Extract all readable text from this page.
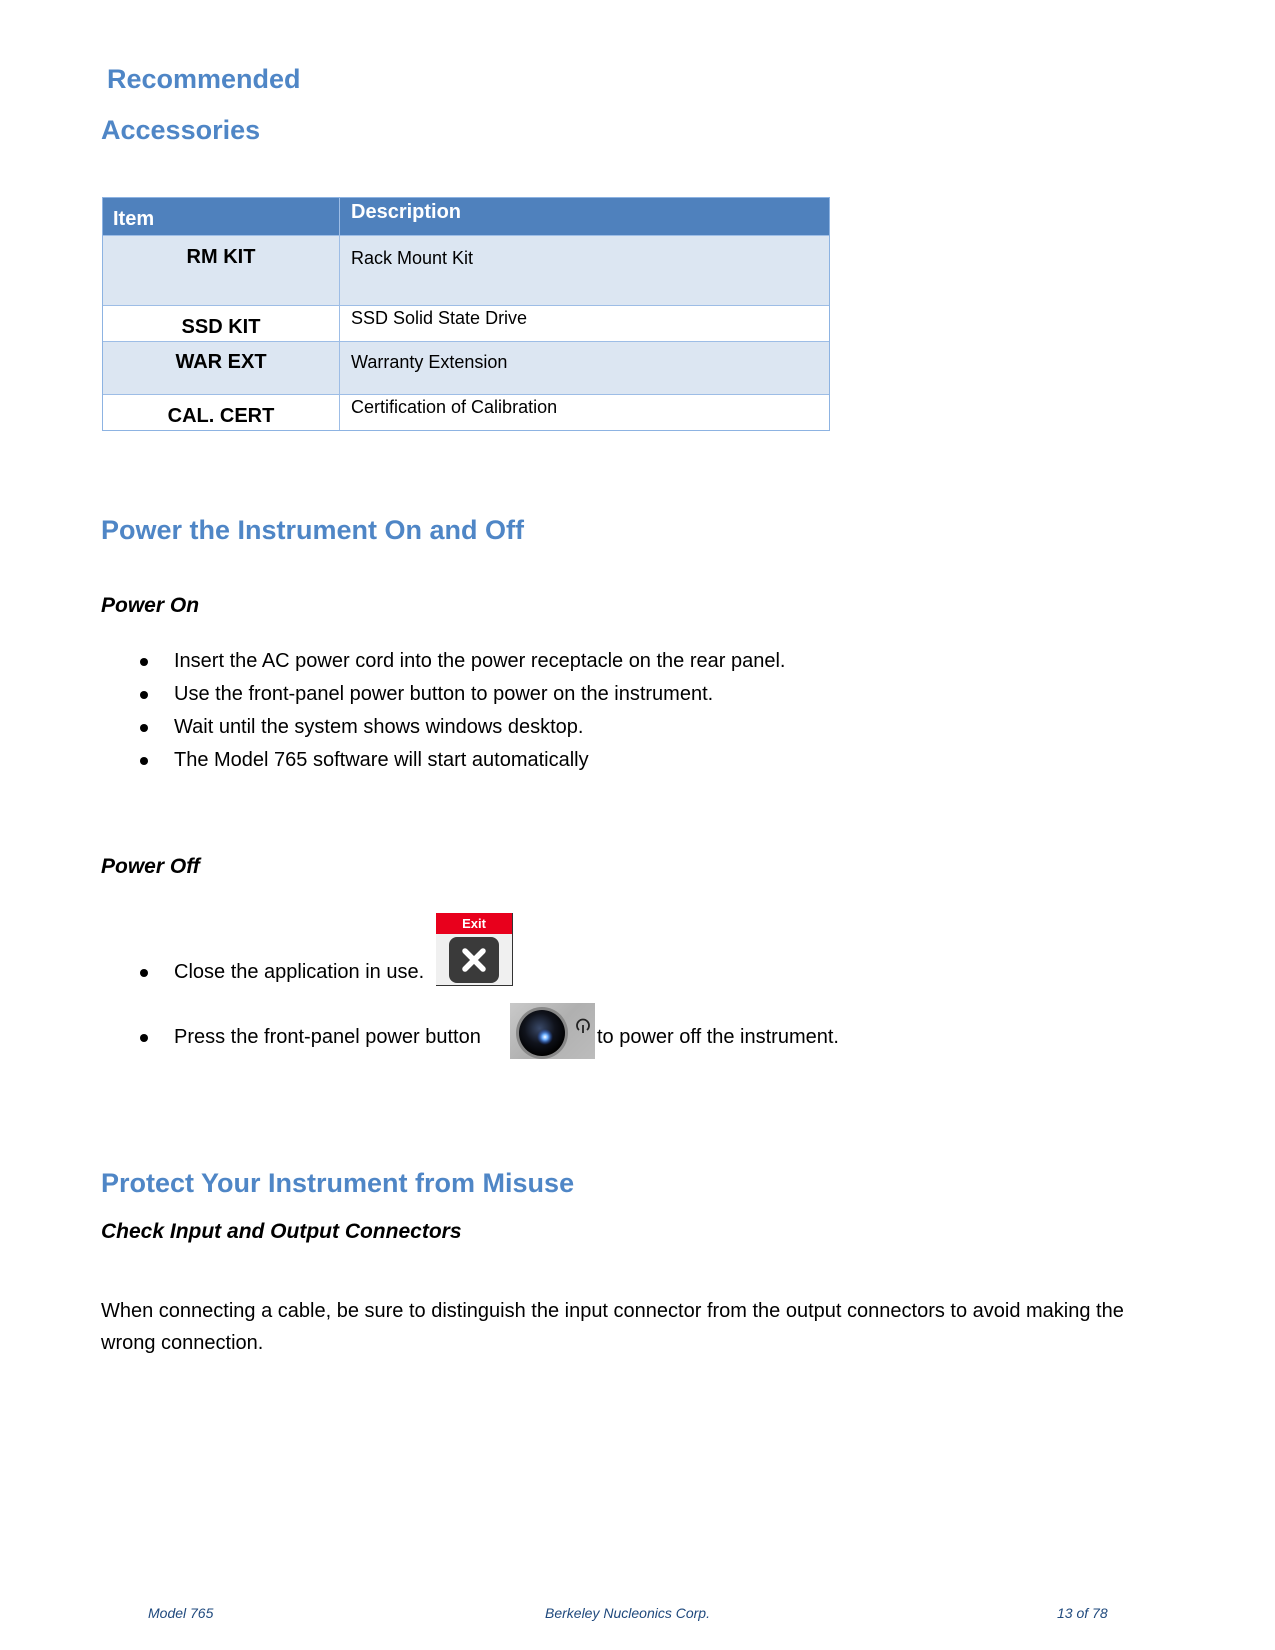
Recommended
Accessories
Item	Description
RM KIT	Rack Mount Kit
SSD KIT	SSD Solid State Drive
WAR EXT	Warranty Extension
CAL. CERT	Certification of Calibration
Power the Instrument On and Off
Power On
Insert the AC power cord into the power receptacle on the rear panel.
Use the front-panel power button to power on the instrument.
Wait until the system shows windows desktop.
The Model 765 software will start automatically
Power Off
Close the application in use.
Exit
Press the front-panel power button	to power off the instrument.
Protect Your Instrument from Misuse
Check Input and Output Connectors

When connecting a cable, be sure to distinguish the input connector from the output connectors to avoid making the

wrong connection.

Model 765	Berkeley Nucleonics Corp.	13 of 78
